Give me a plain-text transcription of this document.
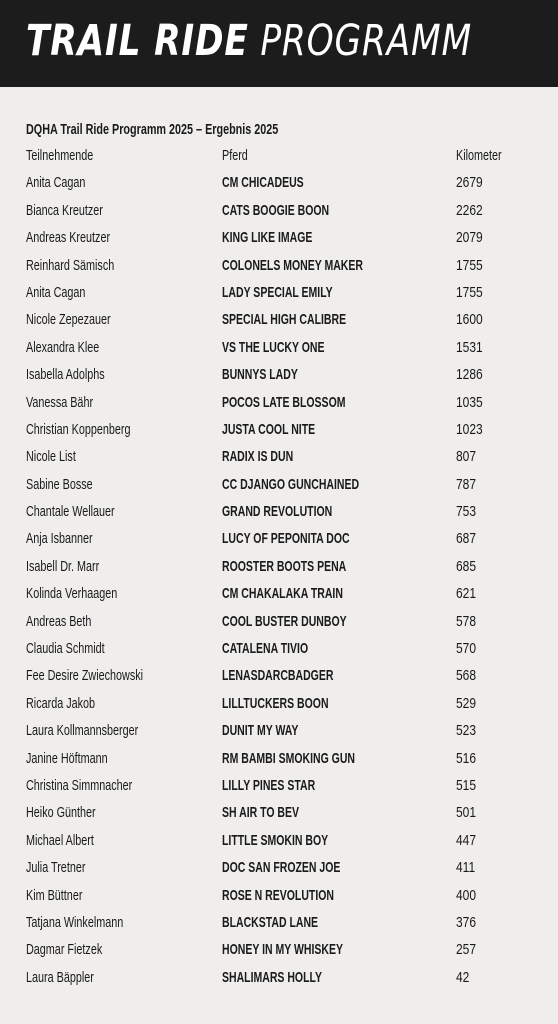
TRAIL RIDE PROGRAMM
DQHA Trail Ride Programm 2025 – Ergebnis 2025
Teilnehmende	Pferd	Kilometer
Anita Cagan	CM CHICADEUS	2679
Bianca Kreutzer	CATS BOOGIE BOON	2262
Andreas Kreutzer	KING LIKE IMAGE	2079
Reinhard Sämisch	COLONELS MONEY MAKER	1755
Anita Cagan	LADY SPECIAL EMILY	1755
Nicole Zepezauer	SPECIAL HIGH CALIBRE	1600
Alexandra Klee	VS THE LUCKY ONE	1531
Isabella Adolphs	BUNNYS LADY	1286
Vanessa Bähr	POCOS LATE BLOSSOM	1035
Christian Koppenberg	JUSTA COOL NITE	1023
Nicole List	RADIX IS DUN	807
Sabine Bosse	CC DJANGO GUNCHAINED	787
Chantale Wellauer	GRAND REVOLUTION	753
Anja Isbanner	LUCY OF PEPONITA DOC	687
Isabell Dr. Marr	ROOSTER BOOTS PENA	685
Kolinda Verhaagen	CM CHAKALAKA TRAIN	621
Andreas Beth	COOL BUSTER DUNBOY	578
Claudia Schmidt	CATALENA TIVIO	570
Fee Desire Zwiechowski	LENASDARCBADGER	568
Ricarda Jakob	LILLTUCKERS BOON	529
Laura Kollmannsberger	DUNIT MY WAY	523
Janine Höftmann	RM BAMBI SMOKING GUN	516
Christina Simmnacher	LILLY PINES STAR	515
Heiko Günther	SH AIR TO BEV	501
Michael Albert	LITTLE SMOKIN BOY	447
Julia Tretner	DOC SAN FROZEN JOE	411
Kim Büttner	ROSE N REVOLUTION	400
Tatjana Winkelmann	BLACKSTAD LANE	376
Dagmar Fietzek	HONEY IN MY WHISKEY	257
Laura Bäppler	SHALIMARS HOLLY	42
